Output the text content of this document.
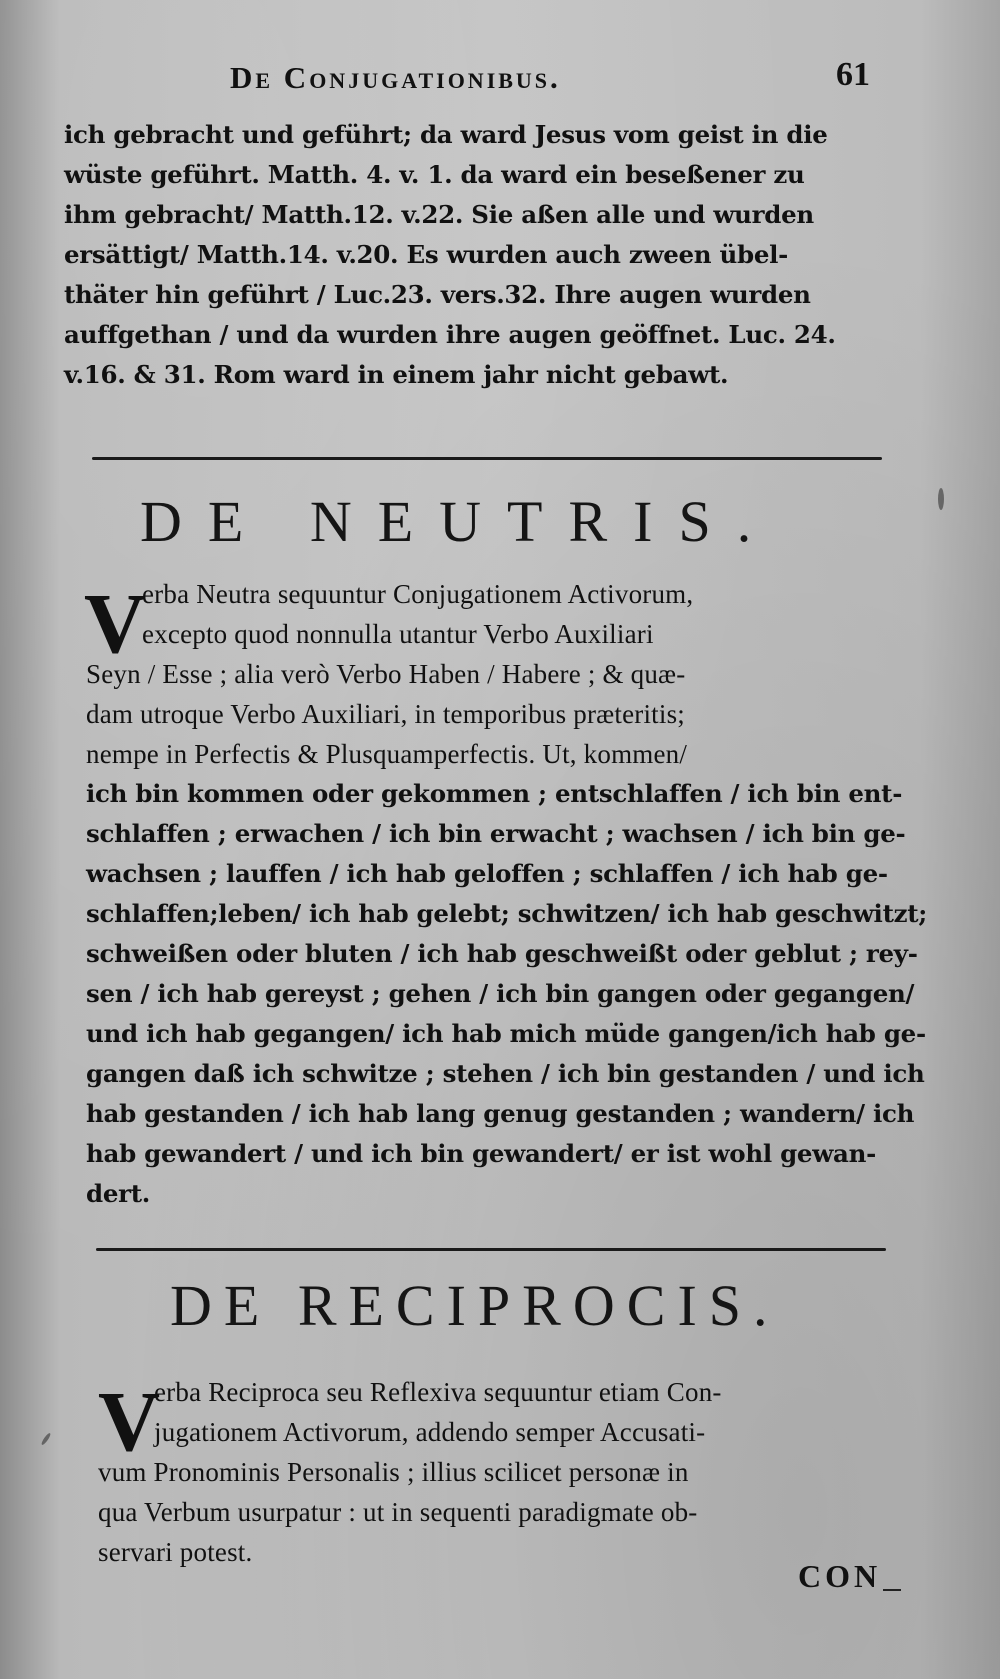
De Conjugationibus.	61
ich gebracht und geführt; da ward Jesus vom geist in die
wüste geführt. Matth. 4. v. 1. da ward ein beseßener zu
ihm gebracht/ Matth.12. v.22. Sie aßen alle und wurden
ersättigt/ Matth.14. v.20. Es wurden auch zween übel-
thäter hin geführt / Luc.23. vers.32. Ihre augen wurden
auffgethan / und da wurden ihre augen geöffnet. Luc. 24.
v.16. & 31. Rom ward in einem jahr nicht gebawt.
DE NEUTRIS.
V
erba Neutra sequuntur Conjugationem Activorum,
excepto quod nonnulla utantur Verbo Auxiliari
Seyn / Esse ; alia verò Verbo Haben / Habere ; & quæ-
dam utroque Verbo Auxiliari, in temporibus præteritis;
nempe in Perfectis & Plusquamperfectis. Ut, kommen/
ich bin kommen oder gekommen ; entschlaffen / ich bin ent-
schlaffen ; erwachen / ich bin erwacht ; wachsen / ich bin ge-
wachsen ; lauffen / ich hab geloffen ; schlaffen / ich hab ge-
schlaffen;leben/ ich hab gelebt; schwitzen/ ich hab geschwitzt;
schweißen oder bluten / ich hab geschweißt oder geblut ; rey-
sen / ich hab gereyst ; gehen / ich bin gangen oder gegangen/
und ich hab gegangen/ ich hab mich müde gangen/ich hab ge-
gangen daß ich schwitze ; stehen / ich bin gestanden / und ich
hab gestanden / ich hab lang genug gestanden ; wandern/ ich
hab gewandert / und ich bin gewandert/ er ist wohl gewan-
dert.
DE RECIPROCIS.
V
erba Reciproca seu Reflexiva sequuntur etiam Con-
jugationem Activorum, addendo semper Accusati-
vum Pronominis Personalis ; illius scilicet personæ in
qua Verbum usurpatur : ut in sequenti paradigmate ob-
servari potest.
CON
